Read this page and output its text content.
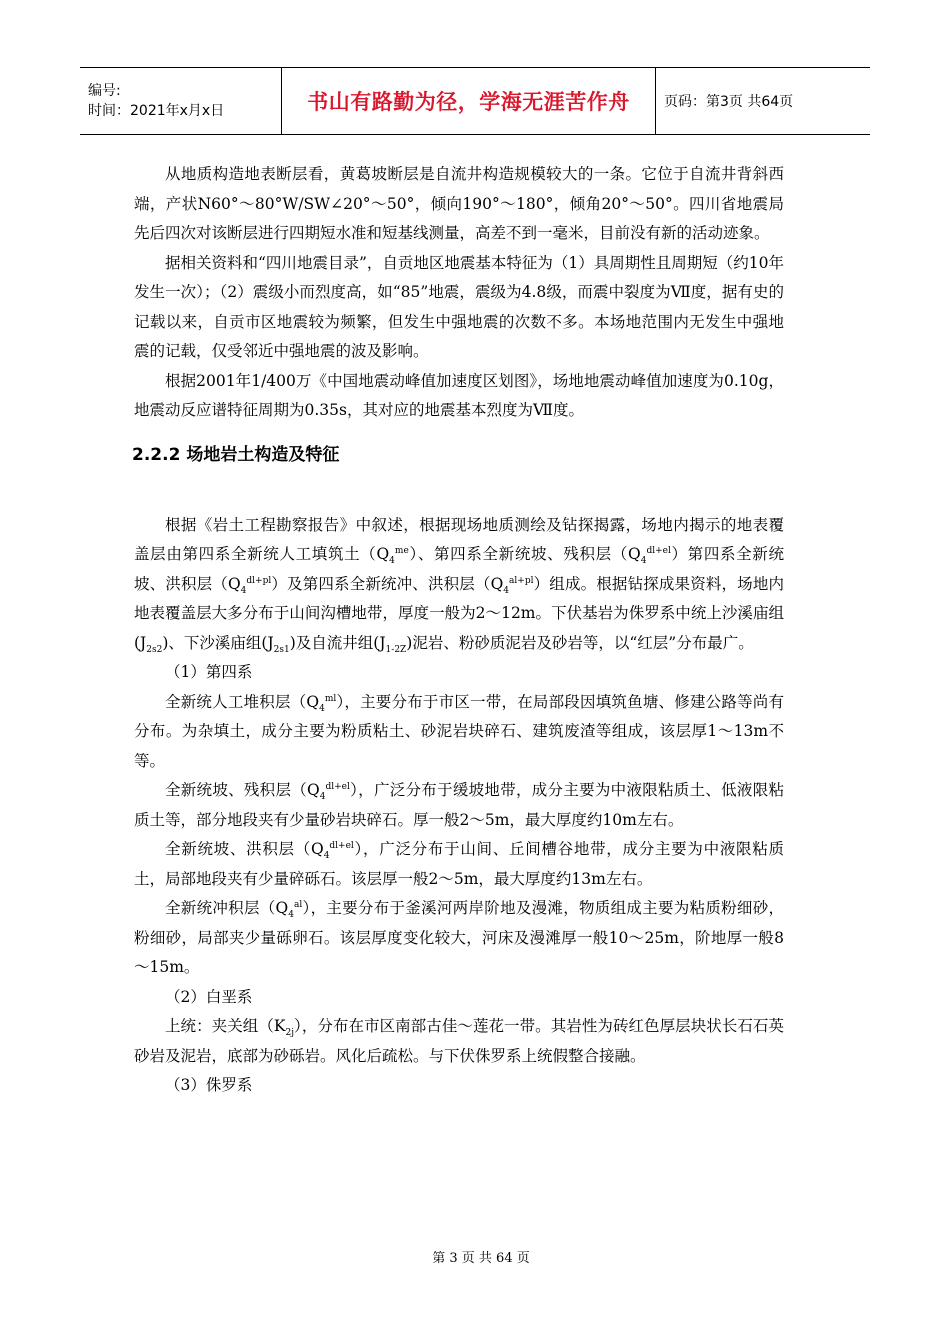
编号:
时间：2021年x月x日	书山有路勤为径，学海无涯苦作舟 页码：第3页 共64页

从地质构造地表断层看，黄葛坡断层是自流井构造规模较大的一条。它位于自流井背斜西端，产状N60°～80°W/SW∠20°～50°，倾向190°～180°，倾角20°～50°。四川省地震局先后四次对该断层进行四期短水准和短基线测量，高差不到一毫米，目前没有新的活动迹象。

据相关资料和“四川地震目录”，自贡地区地震基本特征为（1）具周期性且周期短（约10年发生一次）；（2）震级小而烈度高，如“85”地震，震级为4.8级，而震中裂度为Ⅶ度，据有史的记载以来，自贡市区地震较为频繁，但发生中强地震的次数不多。本场地范围内无发生中强地震的记载，仅受邻近中强地震的波及影响。

根据2001年1/400万《中国地震动峰值加速度区划图》，场地地震动峰值加速度为0.10g，地震动反应谱特征周期为0.35s，其对应的地震基本烈度为Ⅶ度。

2.2.2 场地岩土构造及特征

根据《岩土工程勘察报告》中叙述，根据现场地质测绘及钻探揭露，场地内揭示的地表覆盖层由第四系全新统人工填筑土$(Q_4^{me})$、第四系全新统坡、残积层$(Q_4^{dl+el})$第四系全新统坡、洪积层$(Q_4^{dl+pl})$及第四系全新统冲、洪积层$(Q_4^{al+pl})$组成。根据钻探成果资料，场地内地表覆盖层大多分布于山间沟槽地带，厚度一般为2～12m。下伏基岩为侏罗系中统上沙溪庙组$(J_{2s2})$、下沙溪庙组$(J_{2s1})$及自流井组$(J_{1-2Z})$泥岩、粉砂质泥岩及砂岩等，以“红层”分布最广。

（1）第四系

全新统人工堆积层$(Q_4^{ml})$，主要分布于市区一带，在局部段因填筑鱼塘、修建公路等尚有分布。为杂填土，成分主要为粉质粘土、砂泥岩块碎石、建筑废渣等组成，该层厚1～13m不等。

全新统坡、残积层$(Q_4^{dl+el})$，广泛分布于缓坡地带，成分主要为中液限粘质土、低液限粘质土等，部分地段夹有少量砂岩块碎石。厚一般2～5m，最大厚度约10m左右。

全新统坡、洪积层$(Q_4^{dl+el})$，广泛分布于山间、丘间槽谷地带，成分主要为中液限粘质土，局部地段夹有少量碎砾石。该层厚一般2～5m，最大厚度约13m左右。

全新统冲积层$(Q_4^{al})$，主要分布于釜溪河两岸阶地及漫滩，物质组成主要为粘质粉细砂，粉细砂，局部夹少量砾卵石。该层厚度变化较大，河床及漫滩厚一般10～25m，阶地厚一般8～15m。

（2）白垩系

上统：夹关组$(K_{2j})$，分布在市区南部古佳～莲花一带。其岩性为砖红色厚层块状长石石英砂岩及泥岩，底部为砂砾岩。风化后疏松。与下伏侏罗系上统假整合接融。

（3）侏罗系

第 3 页 共 64 页
